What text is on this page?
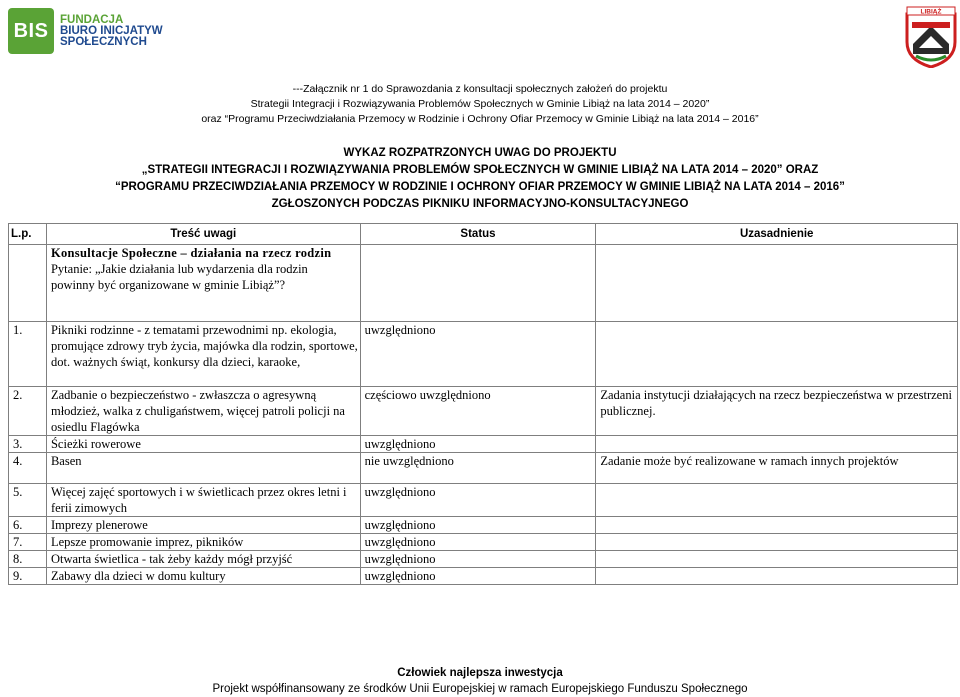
BIS	FUNDACJA
BIURO INICJATYW
SPOŁECZNYCH
LIBIĄŻ
---Załącznik nr 1 do Sprawozdania z konsultacji społecznych założeń do projektu
Strategii Integracji i Rozwiązywania Problemów Społecznych w Gminie Libiąż na lata 2014 – 2020”
oraz “Programu Przeciwdziałania Przemocy w Rodzinie i Ochrony Ofiar Przemocy w Gminie Libiąż na lata 2014 – 2016”
WYKAZ ROZPATRZONYCH UWAG DO PROJEKTU
„STRATEGII INTEGRACJI I ROZWIĄZYWANIA PROBLEMÓW SPOŁECZNYCH W GMINIE LIBIĄŻ NA LATA 2014 – 2020” ORAZ
“PROGRAMU PRZECIWDZIAŁANIA PRZEMOCY W RODZINIE I OCHRONY OFIAR PRZEMOCY W GMINIE LIBIĄŻ NA LATA 2014 – 2016”
ZGŁOSZONYCH PODCZAS PIKNIKU INFORMACYJNO-KONSULTACYJNEGO
L.p.	Treść uwagi	Status	Uzasadnienie

	Konsultacje Społeczne – działania na rzecz rodzin
Pytanie: „Jakie działania lub wydarzenia dla rodzin powinny być organizowane w gminie Libiąż”?		

1.	Pikniki rodzinne - z tematami przewodnimi np. ekologia, promujące zdrowy tryb życia, majówka dla rodzin, sportowe, dot. ważnych świąt, konkursy dla dzieci, karaoke,	uwzględniono	
2.	Zadbanie o bezpieczeństwo - zwłaszcza o agresywną młodzież, walka z chuligaństwem, więcej patroli policji na osiedlu Flagówka	częściowo uwzględniono	Zadania instytucji działających na rzecz bezpieczeństwa w przestrzeni publicznej.
3.	Ścieżki rowerowe	uwzględniono	
4.	Basen	nie uwzględniono	Zadanie może być realizowane w ramach innych projektów
5.	Więcej zajęć sportowych i w świetlicach przez okres letni i ferii zimowych	uwzględniono	
6.	Imprezy plenerowe	uwzględniono	
7.	Lepsze promowanie imprez, pikników	uwzględniono	
8.	Otwarta świetlica - tak żeby każdy mógł przyjść	uwzględniono	
9.	Zabawy dla dzieci w domu kultury	uwzględniono	
Człowiek najlepsza inwestycja
Projekt współfinansowany ze środków Unii Europejskiej w ramach Europejskiego Funduszu Społecznego
